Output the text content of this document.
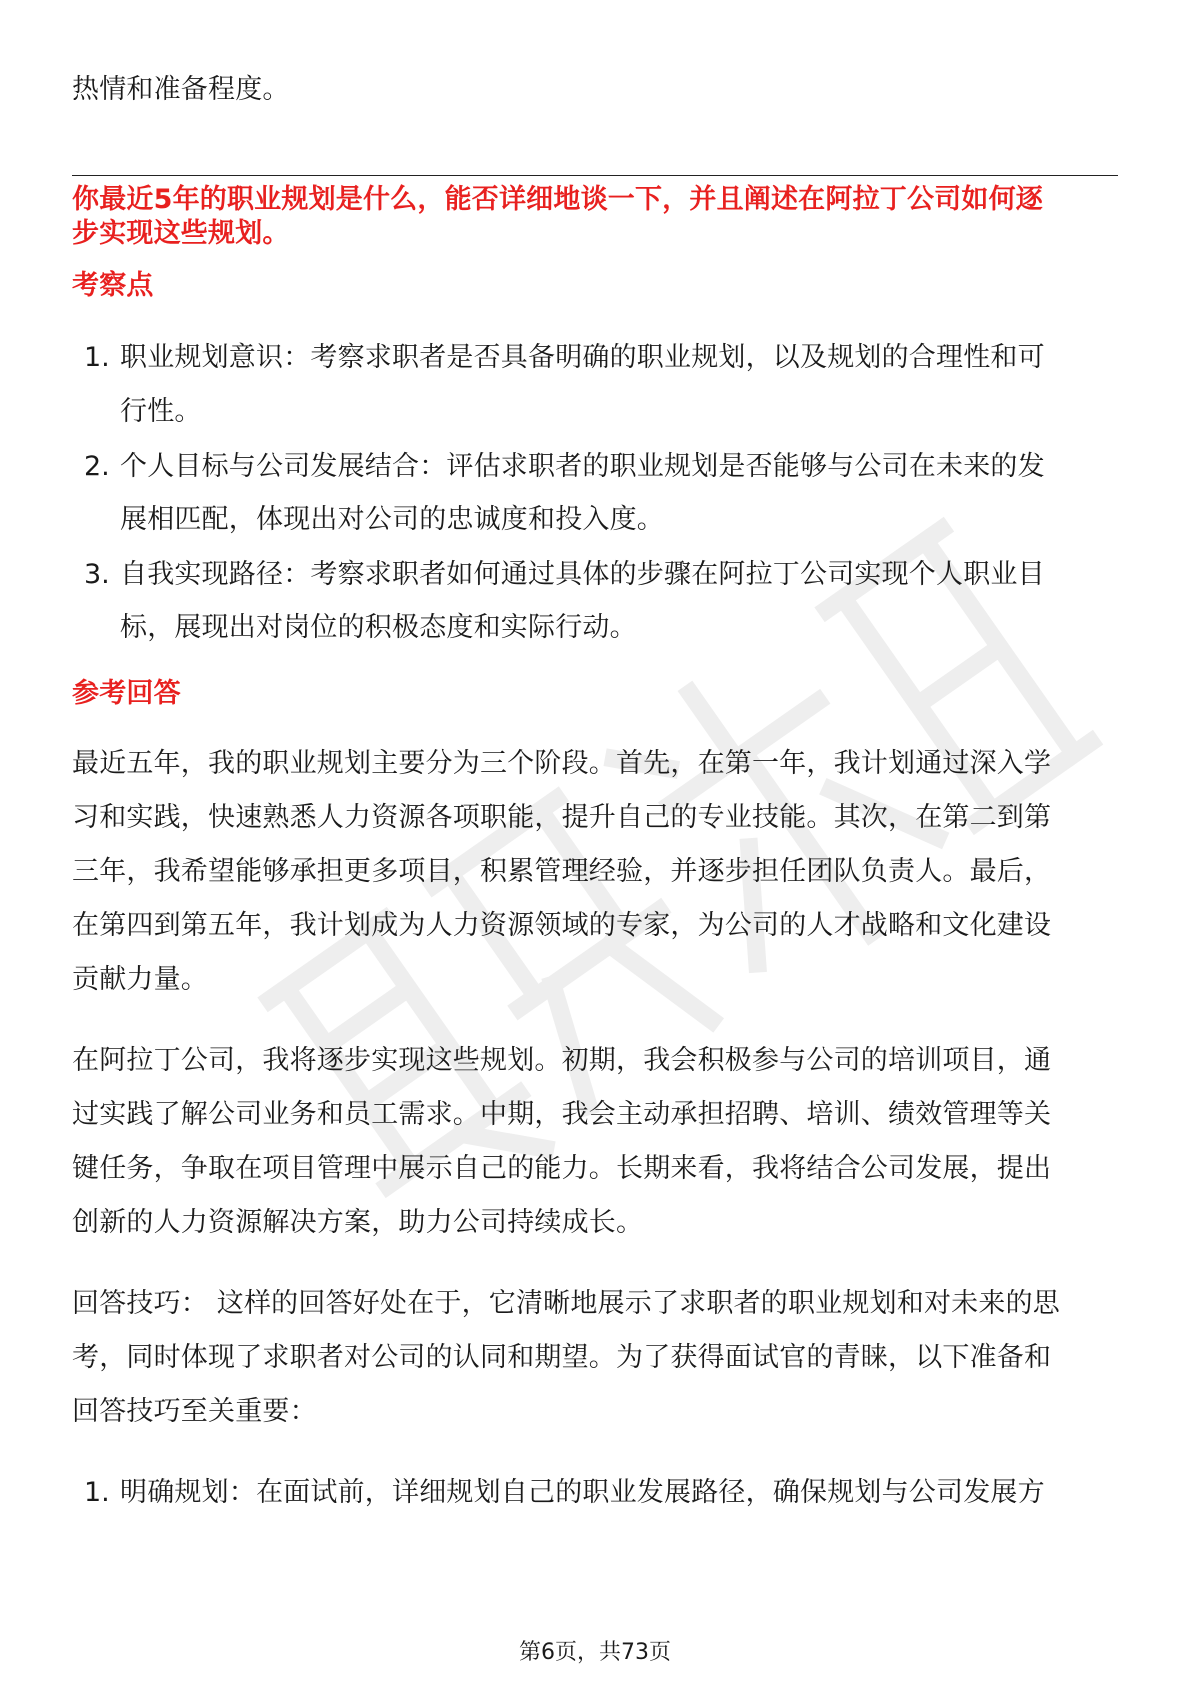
热情和准备程度。
你最近5年的职业规划是什么，能否详细地谈一下，并且阐述在阿拉丁公司如何逐
步实现这些规划。
考察点
1. 职业规划意识：考察求职者是否具备明确的职业规划，以及规划的合理性和可
行性。
2. 个人目标与公司发展结合：评估求职者的职业规划是否能够与公司在未来的发
展相匹配，体现出对公司的忠诚度和投入度。
3. 自我实现路径：考察求职者如何通过具体的步骤在阿拉丁公司实现个人职业目
标，展现出对岗位的积极态度和实际行动。
参考回答
最近五年，我的职业规划主要分为三个阶段。首先，在第一年，我计划通过深入学
习和实践，快速熟悉人力资源各项职能，提升自己的专业技能。其次，在第二到第
三年，我希望能够承担更多项目，积累管理经验，并逐步担任团队负责人。最后，
在第四到第五年，我计划成为人力资源领域的专家，为公司的人才战略和文化建设
贡献力量。
在阿拉丁公司，我将逐步实现这些规划。初期，我会积极参与公司的培训项目，通
过实践了解公司业务和员工需求。中期，我会主动承担招聘、培训、绩效管理等关
键任务，争取在项目管理中展示自己的能力。长期来看，我将结合公司发展，提出
创新的人力资源解决方案，助力公司持续成长。
回答技巧： 这样的回答好处在于，它清晰地展示了求职者的职业规划和对未来的思
考，同时体现了求职者对公司的认同和期望。为了获得面试官的青睐，以下准备和
回答技巧至关重要：
1. 明确规划：在面试前，详细规划自己的职业发展路径，确保规划与公司发展方
第6页，共73页
